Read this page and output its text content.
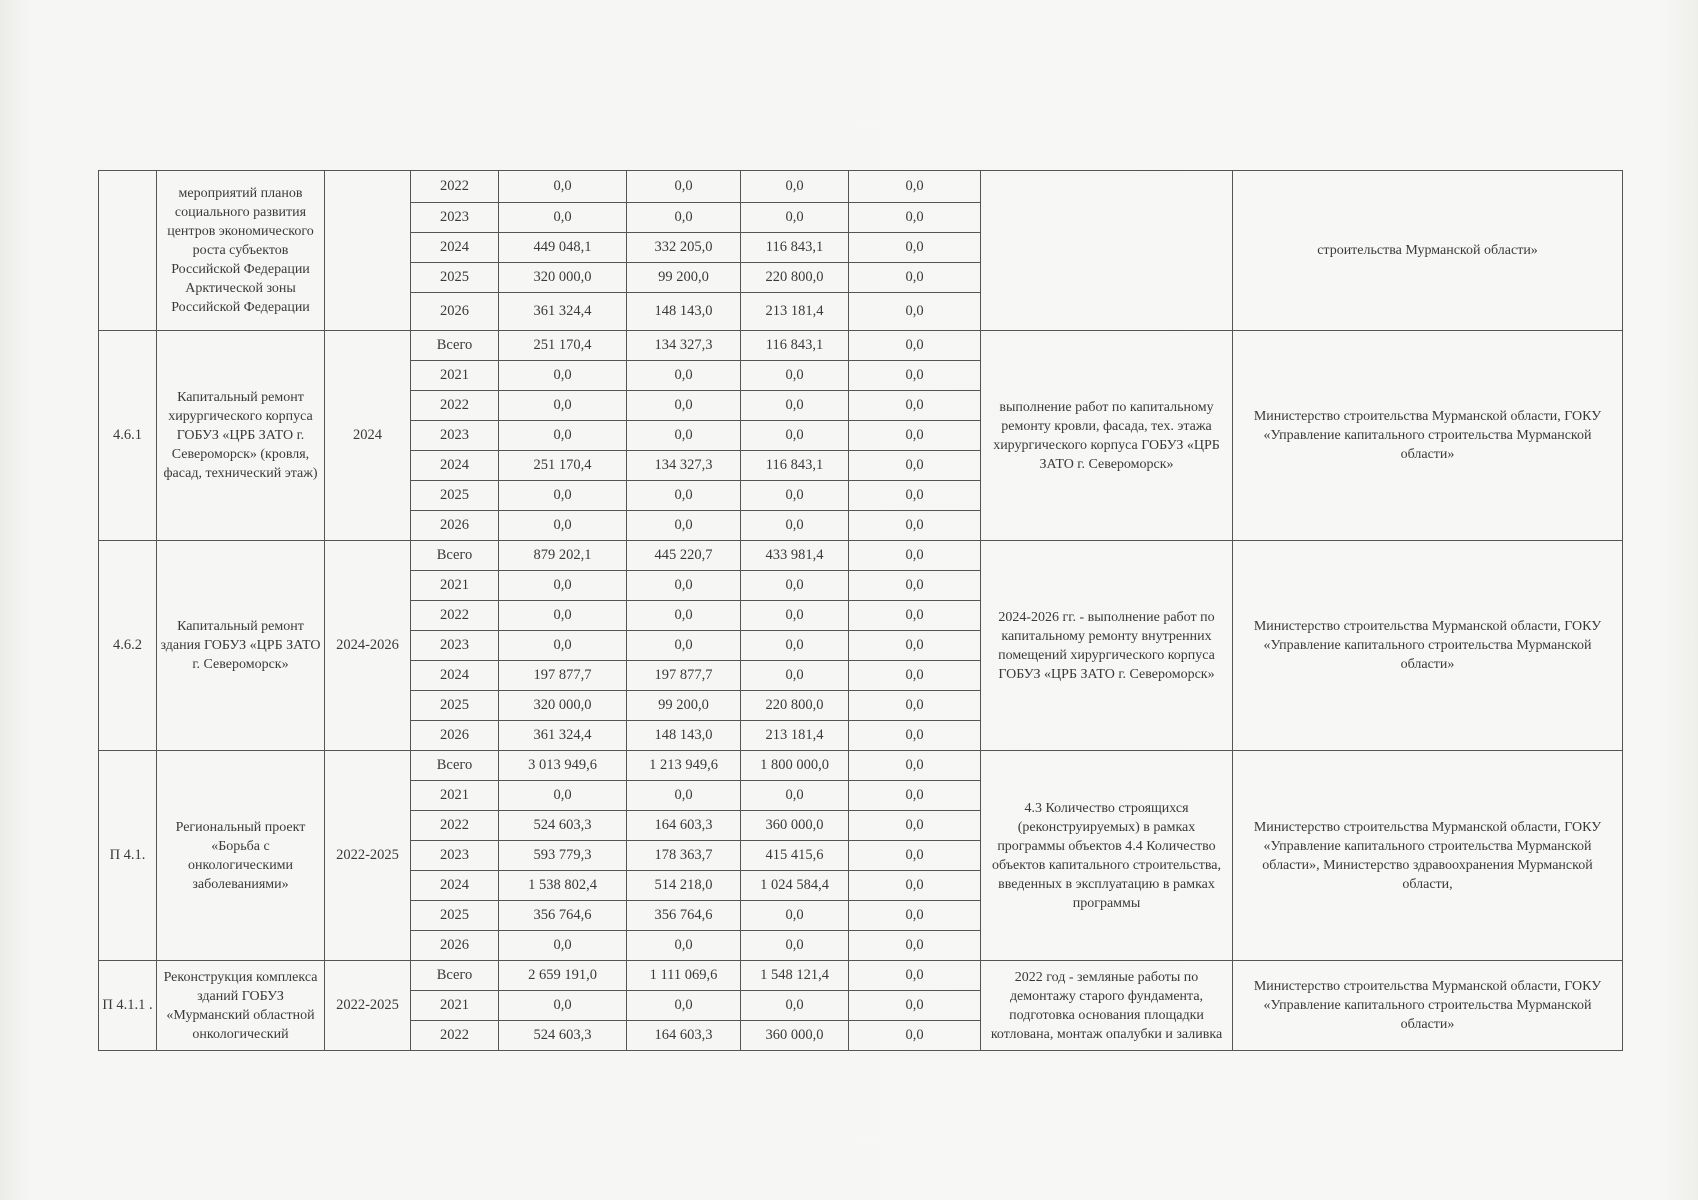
	мероприятий планов социального развития центров экономического роста субъектов Российской Федерации Арктической зоны Российской Федерации		2022	0,0	0,0	0,0	0,0		строительства Мурманской области»
			2023	0,0	0,0	0,0	0,0		
			2024	449 048,1	332 205,0	116 843,1	0,0		
			2025	320 000,0	99 200,0	220 800,0	0,0		
			2026	361 324,4	148 143,0	213 181,4	0,0		
4.6.1	Капитальный ремонт хирургического корпуса ГОБУЗ «ЦРБ ЗАТО г. Североморск» (кровля, фасад, технический этаж)	2024	Всего	251 170,4	134 327,3	116 843,1	0,0	выполнение работ по капитальному ремонту кровли, фасада, тех. этажа хирургического корпуса ГОБУЗ «ЦРБ ЗАТО г. Североморск»	Министерство строительства Мурманской области, ГОКУ «Управление капитального строительства Мурманской области»
			2021	0,0	0,0	0,0	0,0		
			2022	0,0	0,0	0,0	0,0		
			2023	0,0	0,0	0,0	0,0		
			2024	251 170,4	134 327,3	116 843,1	0,0		
			2025	0,0	0,0	0,0	0,0		
			2026	0,0	0,0	0,0	0,0		
4.6.2	Капитальный ремонт здания ГОБУЗ «ЦРБ ЗАТО г. Североморск»	2024-2026	Всего	879 202,1	445 220,7	433 981,4	0,0	2024-2026 гг. - выполнение работ по капитальному ремонту внутренних помещений хирургического корпуса ГОБУЗ «ЦРБ ЗАТО г. Североморск»	Министерство строительства Мурманской области, ГОКУ «Управление капитального строительства Мурманской области»
			2021	0,0	0,0	0,0	0,0		
			2022	0,0	0,0	0,0	0,0		
			2023	0,0	0,0	0,0	0,0		
			2024	197 877,7	197 877,7	0,0	0,0		
			2025	320 000,0	99 200,0	220 800,0	0,0		
			2026	361 324,4	148 143,0	213 181,4	0,0		
П 4.1.	Региональный проект «Борьба с онкологическими заболеваниями»	2022-2025	Всего	3 013 949,6	1 213 949,6	1 800 000,0	0,0	4.3 Количество строящихся (реконструируемых) в рамках программы объектов 4.4 Количество объектов капитального строительства, введенных в эксплуатацию в рамках программы	Министерство строительства Мурманской области, ГОКУ «Управление капитального строительства Мурманской области», Министерство здравоохранения Мурманской области,
			2021	0,0	0,0	0,0	0,0		
			2022	524 603,3	164 603,3	360 000,0	0,0		
			2023	593 779,3	178 363,7	415 415,6	0,0		
			2024	1 538 802,4	514 218,0	1 024 584,4	0,0		
			2025	356 764,6	356 764,6	0,0	0,0		
			2026	0,0	0,0	0,0	0,0		
П 4.1.1 .	Реконструкция комплекса зданий ГОБУЗ «Мурманский областной онкологический	2022-2025	Всего	2 659 191,0	1 111 069,6	1 548 121,4	0,0	2022 год - земляные работы по демонтажу старого фундамента, подготовка основания площадки котлована, монтаж опалубки и заливка	Министерство строительства Мурманской области, ГОКУ «Управление капитального строительства Мурманской области»
			2021	0,0	0,0	0,0	0,0		
			2022	524 603,3	164 603,3	360 000,0	0,0		
